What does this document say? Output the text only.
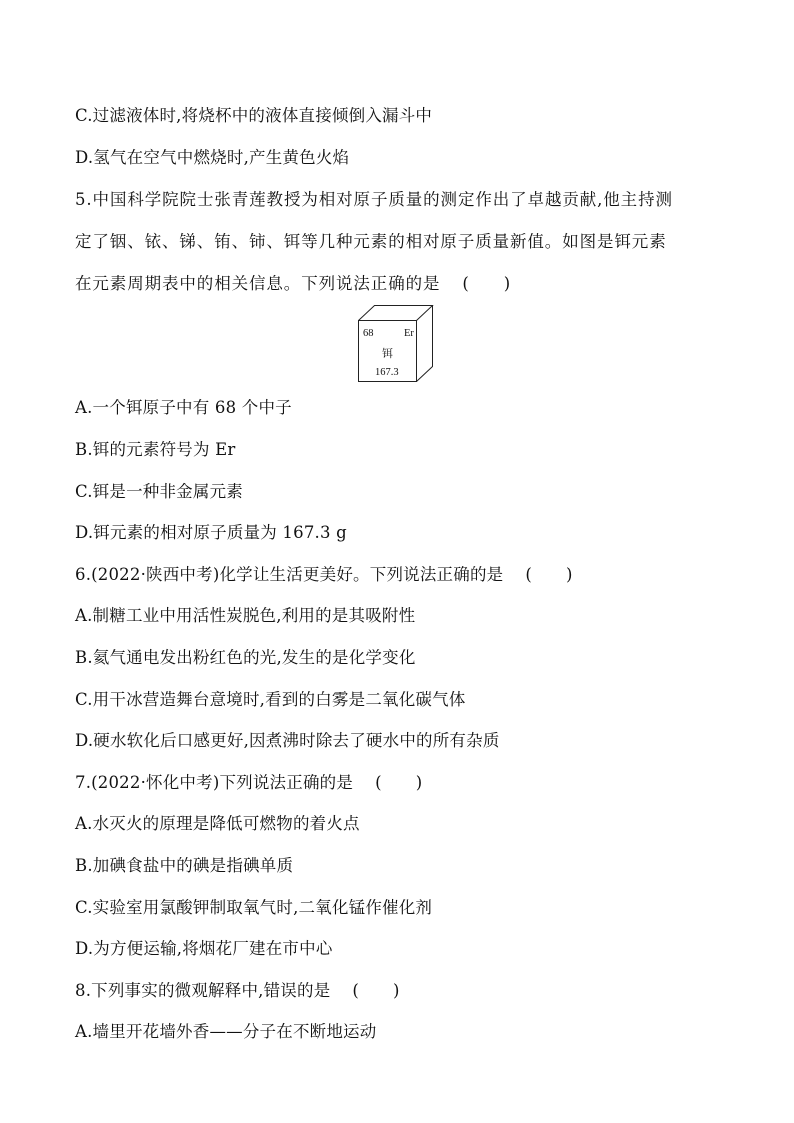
C.过滤液体时,将烧杯中的液体直接倾倒入漏斗中
D.氢气在空气中燃烧时,产生黄色火焰
5.中国科学院院士张青莲教授为相对原子质量的测定作出了卓越贡献,他主持测
定了铟、铱、锑、铕、铈、铒等几种元素的相对原子质量新值。如图是铒元素
在元素周期表中的相关信息。下列说法正确的是 ( )
68	Er
铒
167.3
A.一个铒原子中有 68 个中子
B.铒的元素符号为 Er
C.铒是一种非金属元素
D.铒元素的相对原子质量为 167.3 g
6.(2022·陕西中考)化学让生活更美好。下列说法正确的是 ( )
A.制糖工业中用活性炭脱色,利用的是其吸附性
B.氦气通电发出粉红色的光,发生的是化学变化
C.用干冰营造舞台意境时,看到的白雾是二氧化碳气体
D.硬水软化后口感更好,因煮沸时除去了硬水中的所有杂质
7.(2022·怀化中考)下列说法正确的是 ( )
A.水灭火的原理是降低可燃物的着火点
B.加碘食盐中的碘是指碘单质
C.实验室用氯酸钾制取氧气时,二氧化锰作催化剂
D.为方便运输,将烟花厂建在市中心
8.下列事实的微观解释中,错误的是 ( )
A.墙里开花墙外香——分子在不断地运动
